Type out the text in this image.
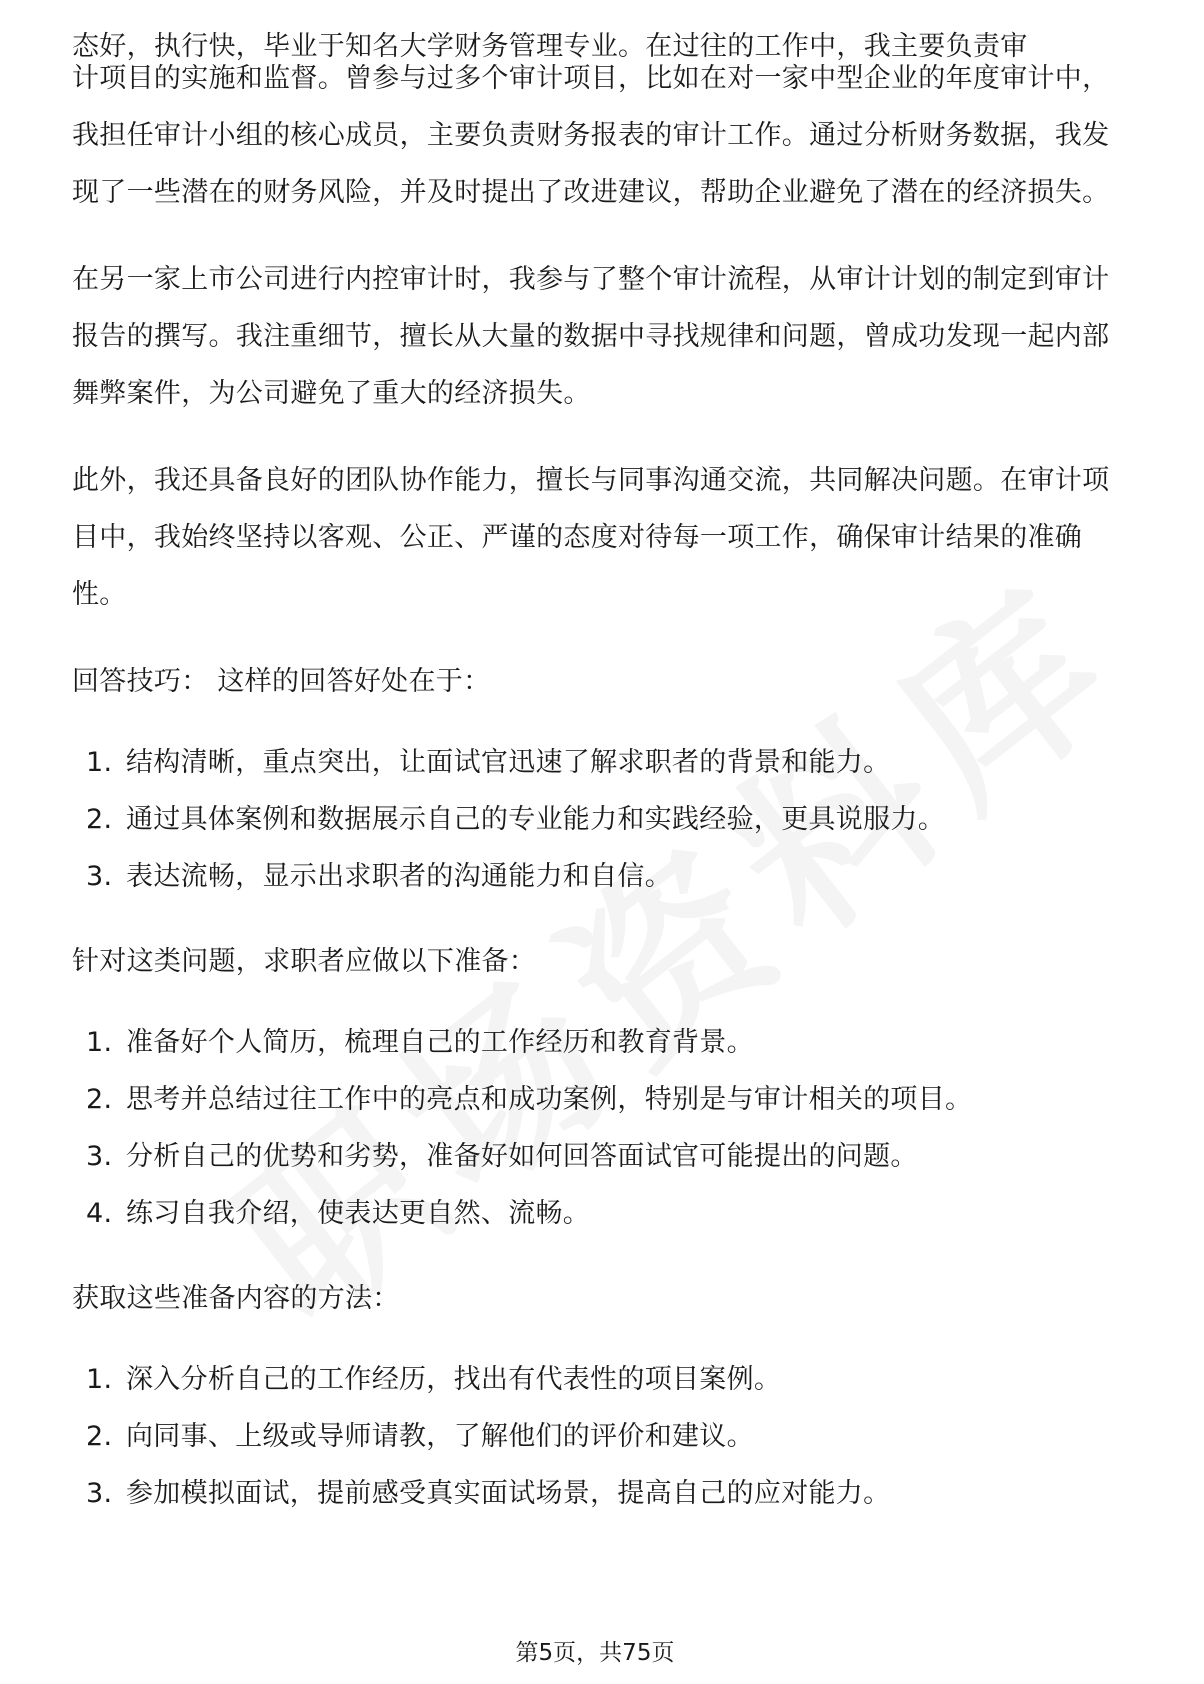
态好，执行快，毕业于知名大学财务管理专业。在过往的工作中，我主要负责审

计项目的实施和监督。曾参与过多个审计项目，比如在对一家中型企业的年度审计中，我担任审计小组的核心成员，主要负责财务报表的审计工作。通过分析财务数据，我发现了一些潜在的财务风险，并及时提出了改进建议，帮助企业避免了潜在的经济损失。

在另一家上市公司进行内控审计时，我参与了整个审计流程，从审计计划的制定到审计报告的撰写。我注重细节，擅长从大量的数据中寻找规律和问题，曾成功发现一起内部舞弊案件，为公司避免了重大的经济损失。

此外，我还具备良好的团队协作能力，擅长与同事沟通交流，共同解决问题。在审计项目中，我始终坚持以客观、公正、严谨的态度对待每一项工作，确保审计结果的准确性。

回答技巧： 这样的回答好处在于：

1. 结构清晰，重点突出，让面试官迅速了解求职者的背景和能力。
2. 通过具体案例和数据展示自己的专业能力和实践经验，更具说服力。
3. 表达流畅，显示出求职者的沟通能力和自信。

针对这类问题，求职者应做以下准备：

1. 准备好个人简历，梳理自己的工作经历和教育背景。
2. 思考并总结过往工作中的亮点和成功案例，特别是与审计相关的项目。
3. 分析自己的优势和劣势，准备好如何回答面试官可能提出的问题。
4. 练习自我介绍，使表达更自然、流畅。

获取这些准备内容的方法：

1. 深入分析自己的工作经历，找出有代表性的项目案例。
2. 向同事、上级或导师请教，了解他们的评价和建议。
3. 参加模拟面试，提前感受真实面试场景，提高自己的应对能力。
第5页，共75页
